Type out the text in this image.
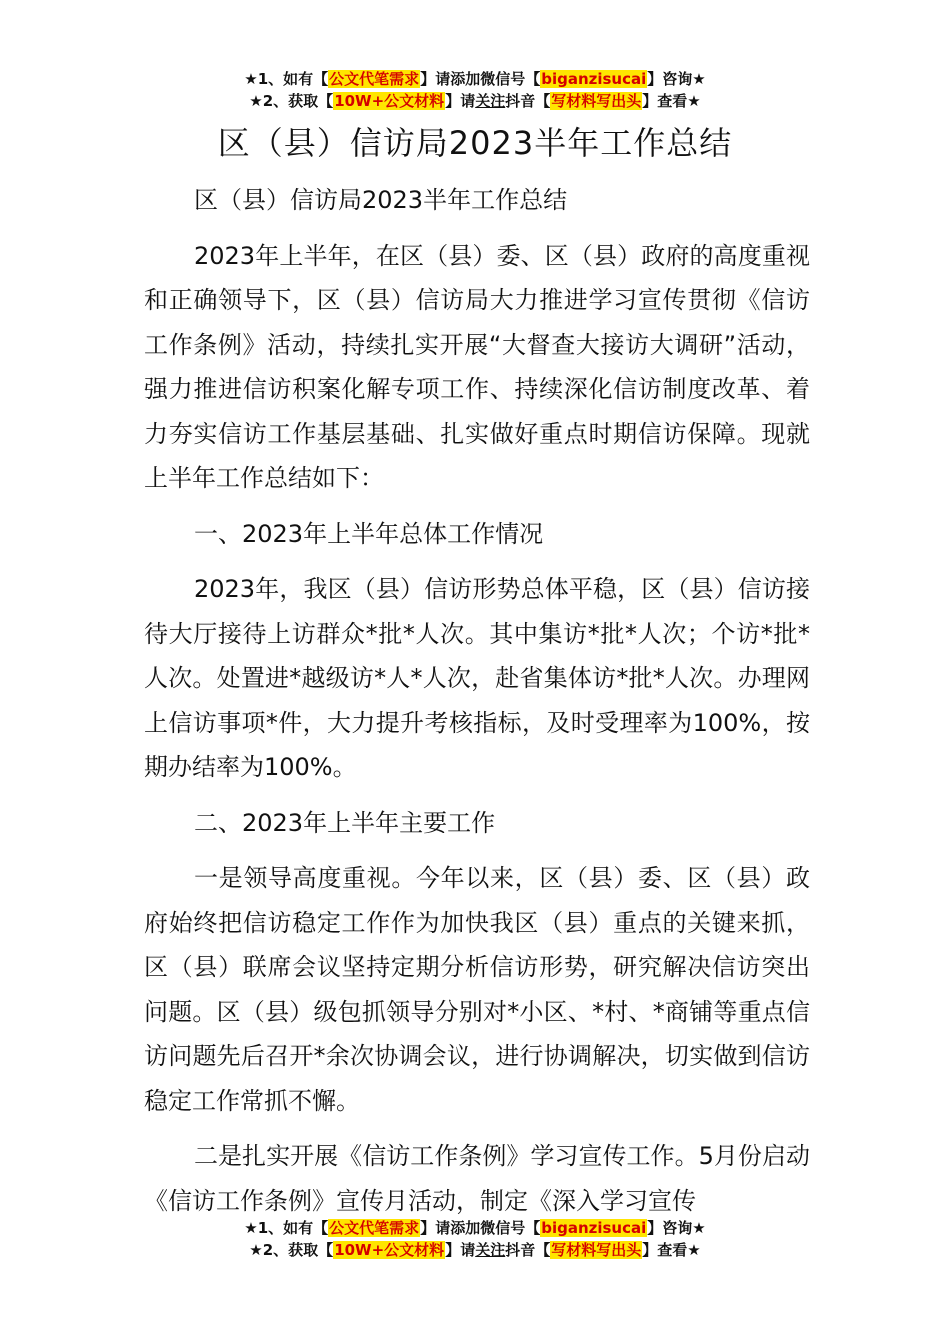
★1、如有【公文代笔需求】请添加微信号【biganzisucai】咨询★
★2、获取【10W+公文材料】请关注抖音【写材料写出头】查看★
区（县）信访局2023半年工作总结

区（县）信访局2023半年工作总结

2023年上半年，在区（县）委、区（县）政府的高度重视和正确领导下，区（县）信访局大力推进学习宣传贯彻《信访工作条例》活动，持续扎实开展“大督查大接访大调研”活动，强力推进信访积案化解专项工作、持续深化信访制度改革、着力夯实信访工作基层基础、扎实做好重点时期信访保障。现就上半年工作总结如下：

一、2023年上半年总体工作情况

2023年，我区（县）信访形势总体平稳，区（县）信访接待大厅接待上访群众*批*人次。其中集访*批*人次；个访*批*人次。处置进*越级访*人*人次，赴省集体访*批*人次。办理网上信访事项*件，大力提升考核指标，及时受理率为100%，按期办结率为100%。

二、2023年上半年主要工作

一是领导高度重视。今年以来，区（县）委、区（县）政府始终把信访稳定工作作为加快我区（县）重点的关键来抓，区（县）联席会议坚持定期分析信访形势，研究解决信访突出问题。区（县）级包抓领导分别对*小区、*村、*商铺等重点信访问题先后召开*余次协调会议，进行协调解决，切实做到信访稳定工作常抓不懈。

二是扎实开展《信访工作条例》学习宣传工作。5月份启动《信访工作条例》宣传月活动，制定《深入学习宣传

★1、如有【公文代笔需求】请添加微信号【biganzisucai】咨询★
★2、获取【10W+公文材料】请关注抖音【写材料写出头】查看★
